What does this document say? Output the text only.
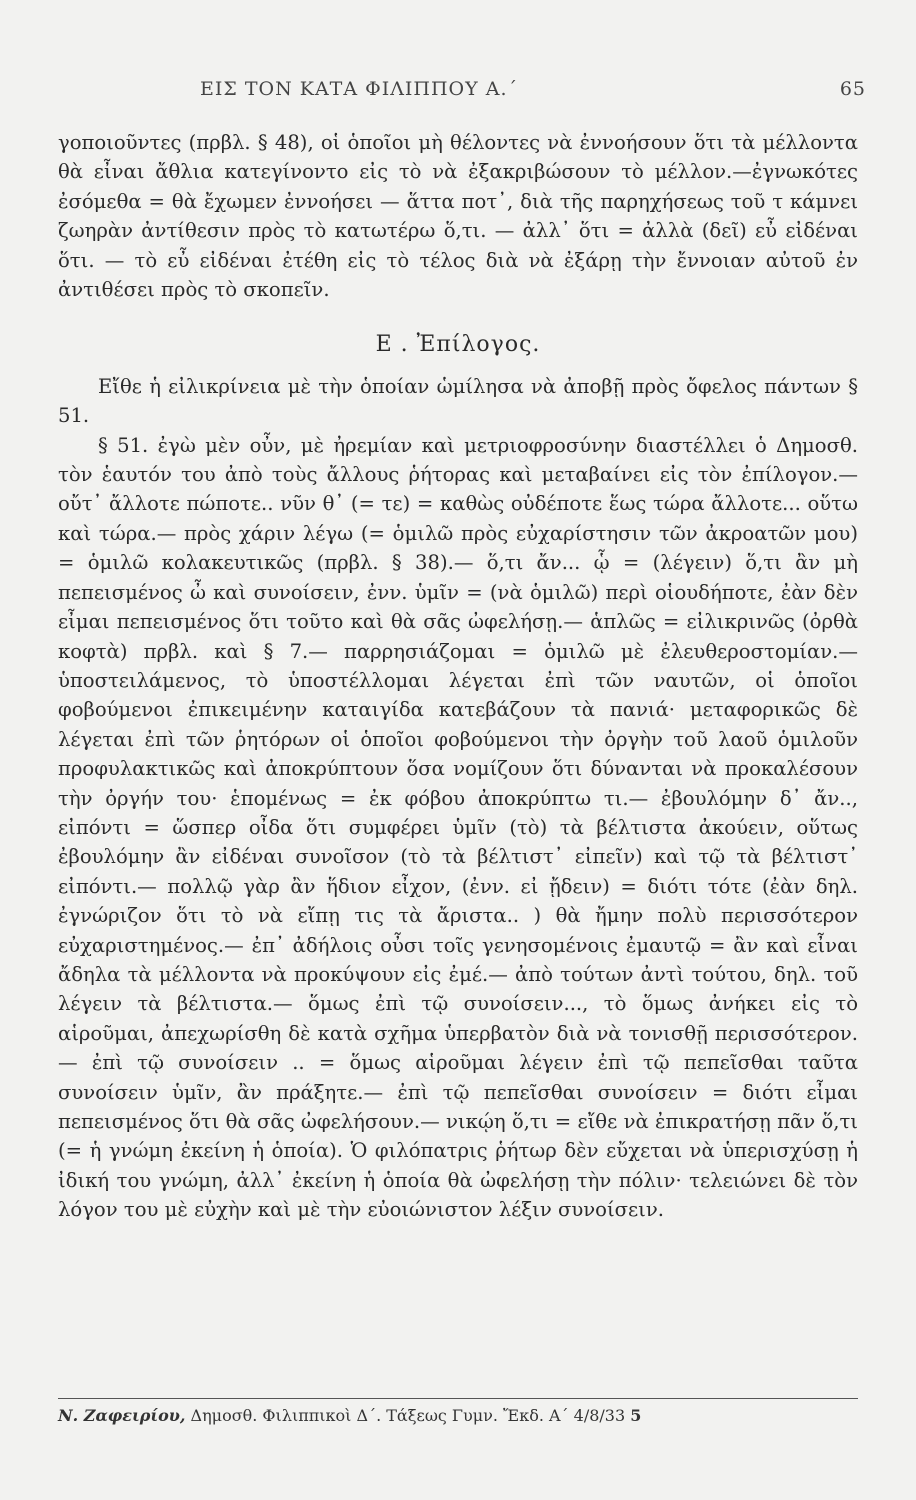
ΕΙΣ ΤΟΝ ΚΑΤΑ ΦΙΛΙΠΠΟΥ Α.΄	65

γοποιοῦντες (πρβλ. § 48), οἱ ὁποῖοι μὴ θέλοντες νὰ ἐννοήσουν ὅτι τὰ μέλλοντα θὰ εἶναι ἄθλια κατεγίνοντο εἰς τὸ νὰ ἐξακριβώσουν τὸ μέλλον.—ἐγνωκότες ἐσόμεθα = θὰ ἔχωμεν ἐννοήσει — ἅττα ποτ᾽, διὰ τῆς παρηχήσεως τοῦ τ κάμνει ζωηρὰν ἀντίθεσιν πρὸς τὸ κατωτέρω ὅ,τι. — ἀλλ᾽ ὅτι = ἀλλὰ (δεῖ) εὖ εἰδέναι ὅτι. — τὸ εὖ εἰδέναι ἐτέθη εἰς τὸ τέλος διὰ νὰ ἐξάρῃ τὴν ἔννοιαν αὐτοῦ ἐν ἀντιθέσει πρὸς τὸ σκοπεῖν.

Ε . Ἐπίλογος.

Εἴθε ἡ εἰλικρίνεια μὲ τὴν ὁποίαν ὡμίλησα νὰ ἀποβῇ πρὸς ὄφελος πάντων § 51.

§ 51. ἐγὼ μὲν οὖν, μὲ ἠρεμίαν καὶ μετριοφροσύνην διαστέλλει ὁ Δημοσθ. τὸν ἑαυτόν του ἀπὸ τοὺς ἄλλους ῥήτορας καὶ μεταβαίνει εἰς τὸν ἐπίλογον.— οὔτ᾽ ἄλλοτε πώποτε.. νῦν θ᾽ (= τε) = καθὼς οὐδέποτε ἕως τώρα ἄλλοτε... οὕτω καὶ τώρα.— πρὸς χάριν λέγω (= ὁμιλῶ πρὸς εὐχαρίστησιν τῶν ἀκροατῶν μου) = ὁμιλῶ κολακευτικῶς (πρβλ. § 38).— ὅ,τι ἄν... ᾧ = (λέγειν) ὅ,τι ἂν μὴ πεπεισμένος ὦ καὶ συνοίσειν, ἐνν. ὑμῖν = (νὰ ὁμιλῶ) περὶ οἱουδήποτε, ἐὰν δὲν εἶμαι πεπεισμένος ὅτι τοῦτο καὶ θὰ σᾶς ὠφελήσῃ.— ἁπλῶς = εἰλικρινῶς (ὀρθὰ κοφτὰ) πρβλ. καὶ § 7.— παρρησιάζομαι = ὁμιλῶ μὲ ἐλευθεροστομίαν.— ὑποστειλάμενος, τὸ ὑποστέλλομαι λέγεται ἐπὶ τῶν ναυτῶν, οἱ ὁποῖοι φοβούμενοι ἐπικειμένην καταιγίδα κατεβάζουν τὰ πανιά· μεταφορικῶς δὲ λέγεται ἐπὶ τῶν ῥητόρων οἱ ὁποῖοι φοβούμενοι τὴν ὀργὴν τοῦ λαοῦ ὁμιλοῦν προφυλακτικῶς καὶ ἀποκρύπτουν ὅσα νομίζουν ὅτι δύνανται νὰ προκαλέσουν τὴν ὀργήν του· ἑπομένως = ἐκ φόβου ἀποκρύπτω τι.— ἐβουλόμην δ᾽ ἄν.., εἰπόντι = ὥσπερ οἶδα ὅτι συμφέρει ὑμῖν (τὸ) τὰ βέλτιστα ἀκούειν, οὕτως ἐβουλόμην ἂν εἰδέναι συνοῖσον (τὸ τὰ βέλτιστ᾽ εἰπεῖν) καὶ τῷ τὰ βέλτιστ᾽ εἰπόντι.— πολλῷ γὰρ ἂν ἥδιον εἶχον, (ἐνν. εἰ ᾔδειν) = διότι τότε (ἐὰν δηλ. ἐγνώριζον ὅτι τὸ νὰ εἴπῃ τις τὰ ἄριστα.. ) θὰ ἤμην πολὺ περισσότερον εὐχαριστημένος.— ἐπ᾽ ἀδήλοις οὖσι τοῖς γενησομένοις ἐμαυτῷ = ἂν καὶ εἶναι ἄδηλα τὰ μέλλοντα νὰ προκύψουν εἰς ἐμέ.— ἀπὸ τούτων ἀντὶ τούτου, δηλ. τοῦ λέγειν τὰ βέλτιστα.— ὅμως ἐπὶ τῷ συνοίσειν..., τὸ ὅμως ἀνήκει εἰς τὸ αἱροῦμαι, ἀπεχωρίσθη δὲ κατὰ σχῆμα ὑπερβατὸν διὰ νὰ τονισθῇ περισσότερον.— ἐπὶ τῷ συνοίσειν .. = ὅμως αἱροῦμαι λέγειν ἐπὶ τῷ πεπεῖσθαι ταῦτα συνοίσειν ὑμῖν, ἂν πράξητε.— ἐπὶ τῷ πεπεῖσθαι συνοίσειν = διότι εἶμαι πεπεισμένος ὅτι θὰ σᾶς ὠφελήσουν.— νικῴη ὅ,τι = εἴθε νὰ ἐπικρατήσῃ πᾶν ὅ,τι (= ἡ γνώμη ἐκείνη ἡ ὁποία). Ὁ φιλόπατρις ῥήτωρ δὲν εὔχεται νὰ ὑπερισχύσῃ ἡ ἰδική του γνώμη, ἀλλ᾽ ἐκείνη ἡ ὁποία θὰ ὠφελήσῃ τὴν πόλιν· τελειώνει δὲ τὸν λόγον του μὲ εὐχὴν καὶ μὲ τὴν εὐοιώνιστον λέξιν συνοίσειν.

Ν. Ζαφειρίου, Δημοσθ. Φιλιππικοὶ Δ΄. Τάξεως Γυμν. Ἔκδ. Α΄ 4/8/33 5
